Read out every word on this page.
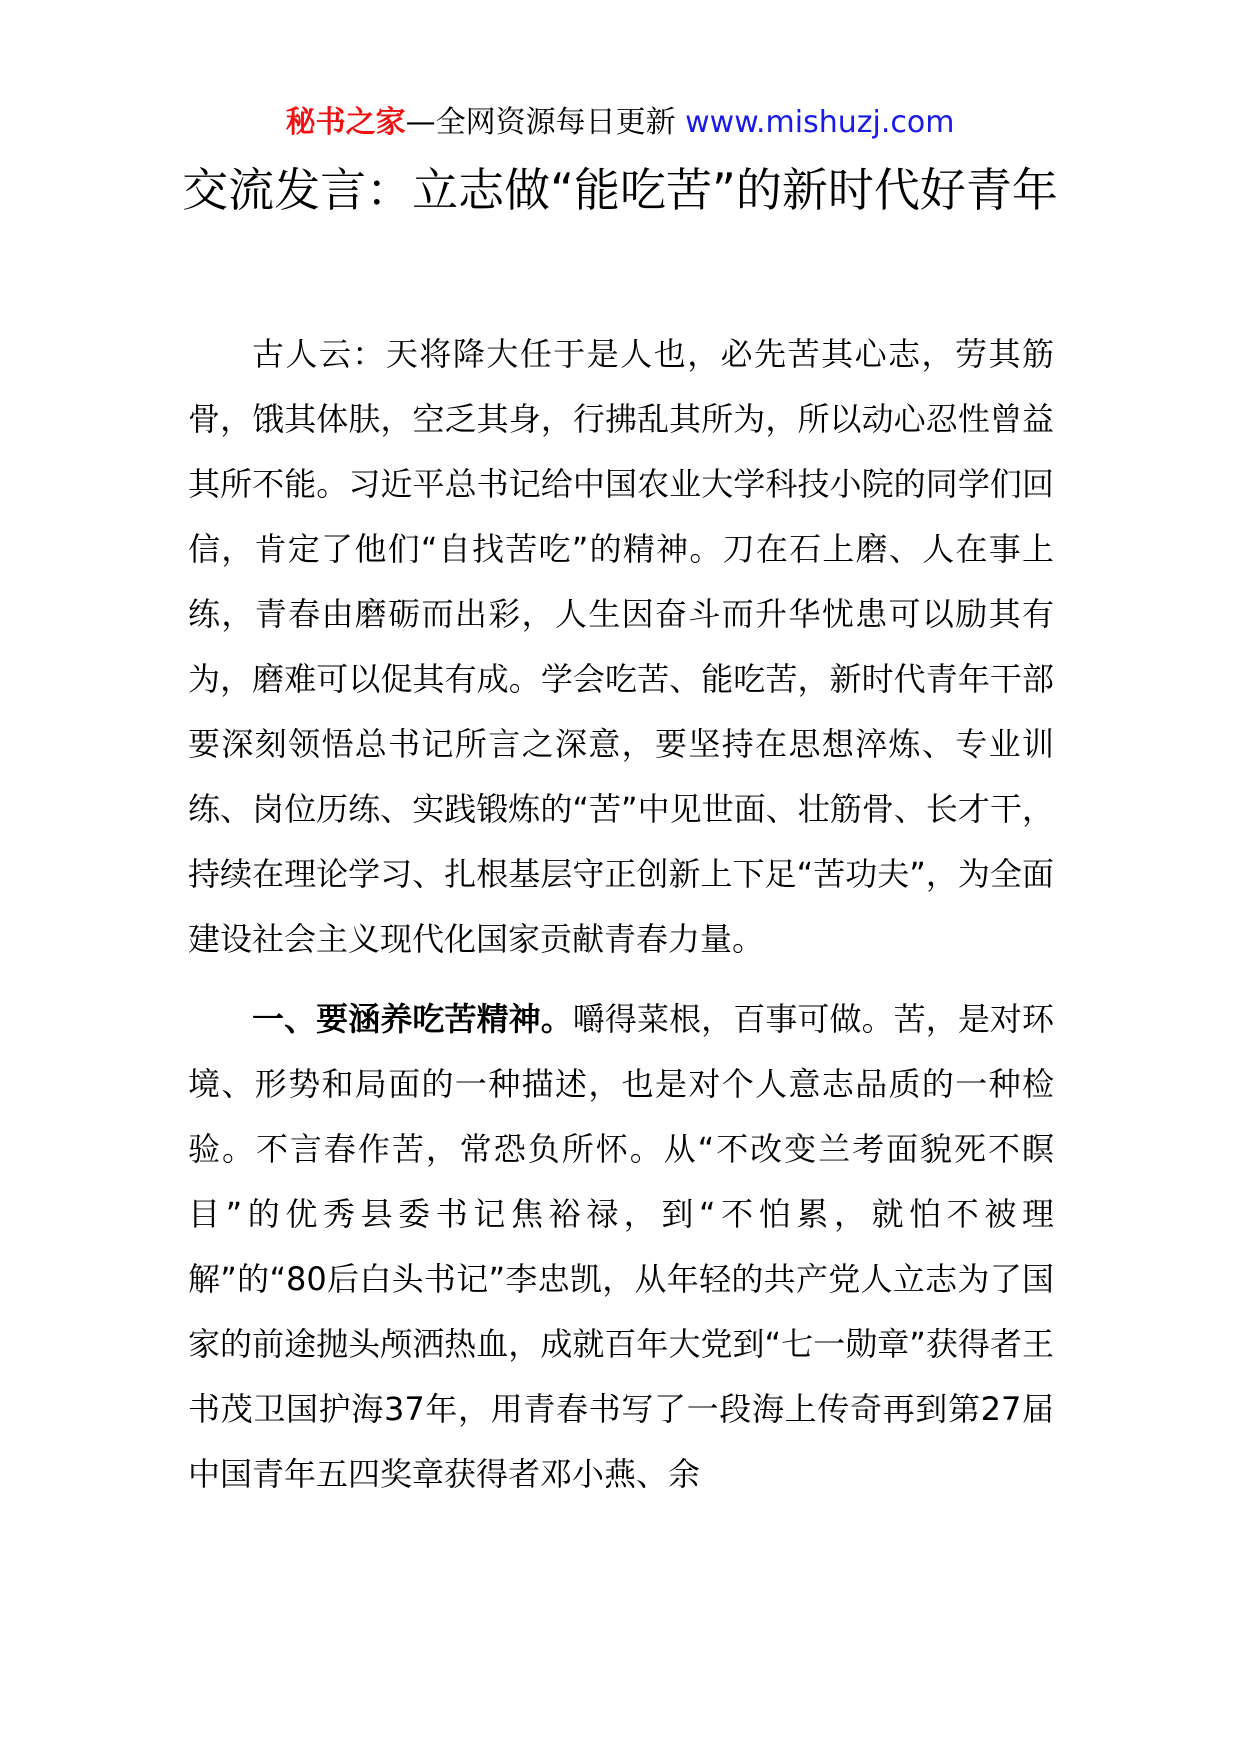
秘书之家—全网资源每日更新 www.mishuzj.com
交流发言：立志做“能吃苦”的新时代好青年

古人云：天将降大任于是人也，必先苦其心志，劳其筋骨，饿其体肤，空乏其身，行拂乱其所为，所以动心忍性曾益其所不能。习近平总书记给中国农业大学科技小院的同学们回信，肯定了他们“自找苦吃”的精神。刀在石上磨、人在事上练，青春由磨砺而出彩，人生因奋斗而升华忧患可以励其有为，磨难可以促其有成。学会吃苦、能吃苦，新时代青年干部要深刻领悟总书记所言之深意，要坚持在思想淬炼、专业训练、岗位历练、实践锻炼的“苦”中见世面、壮筋骨、长才干，持续在理论学习、扎根基层守正创新上下足“苦功夫”，为全面建设社会主义现代化国家贡献青春力量。

一、要涵养吃苦精神。嚼得菜根，百事可做。苦，是对环境、形势和局面的一种描述，也是对个人意志品质的一种检验。不言春作苦，常恐负所怀。从“不改变兰考面貌死不瞑目”的优秀县委书记焦裕禄，到“不怕累，就怕不被理解”的“80后白头书记”李忠凯，从年轻的共产党人立志为了国家的前途抛头颅洒热血，成就百年大党到“七一勋章”获得者王书茂卫国护海37年，用青春书写了一段海上传奇再到第27届中国青年五四奖章获得者邓小燕、余
